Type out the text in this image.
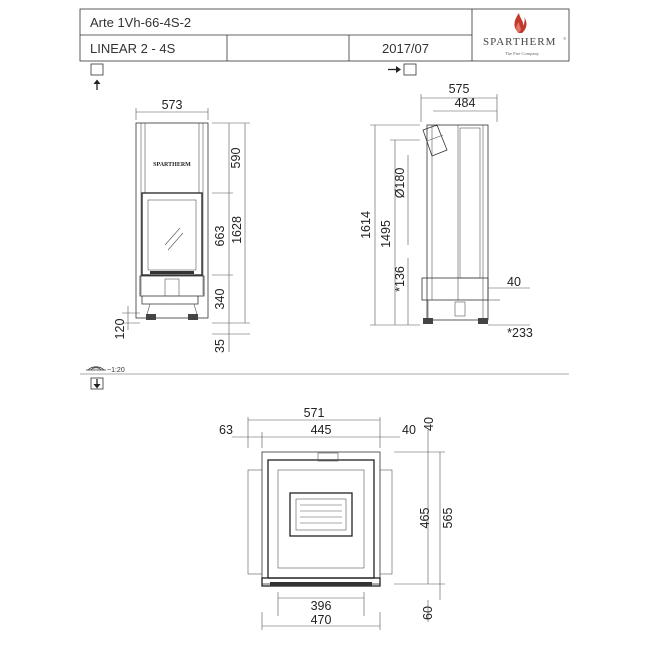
573
590
663 1628
340
120
35
575
484
1614 1495
Ø180
*136	40
*233
571
63	445	40 40
465 565
396
470	60
~1:20
SPARTHERM
Arte 1Vh-66-4S-2
LINEAR 2 - 4S	2017/07	SPARTHERM ®
The Fire Company
